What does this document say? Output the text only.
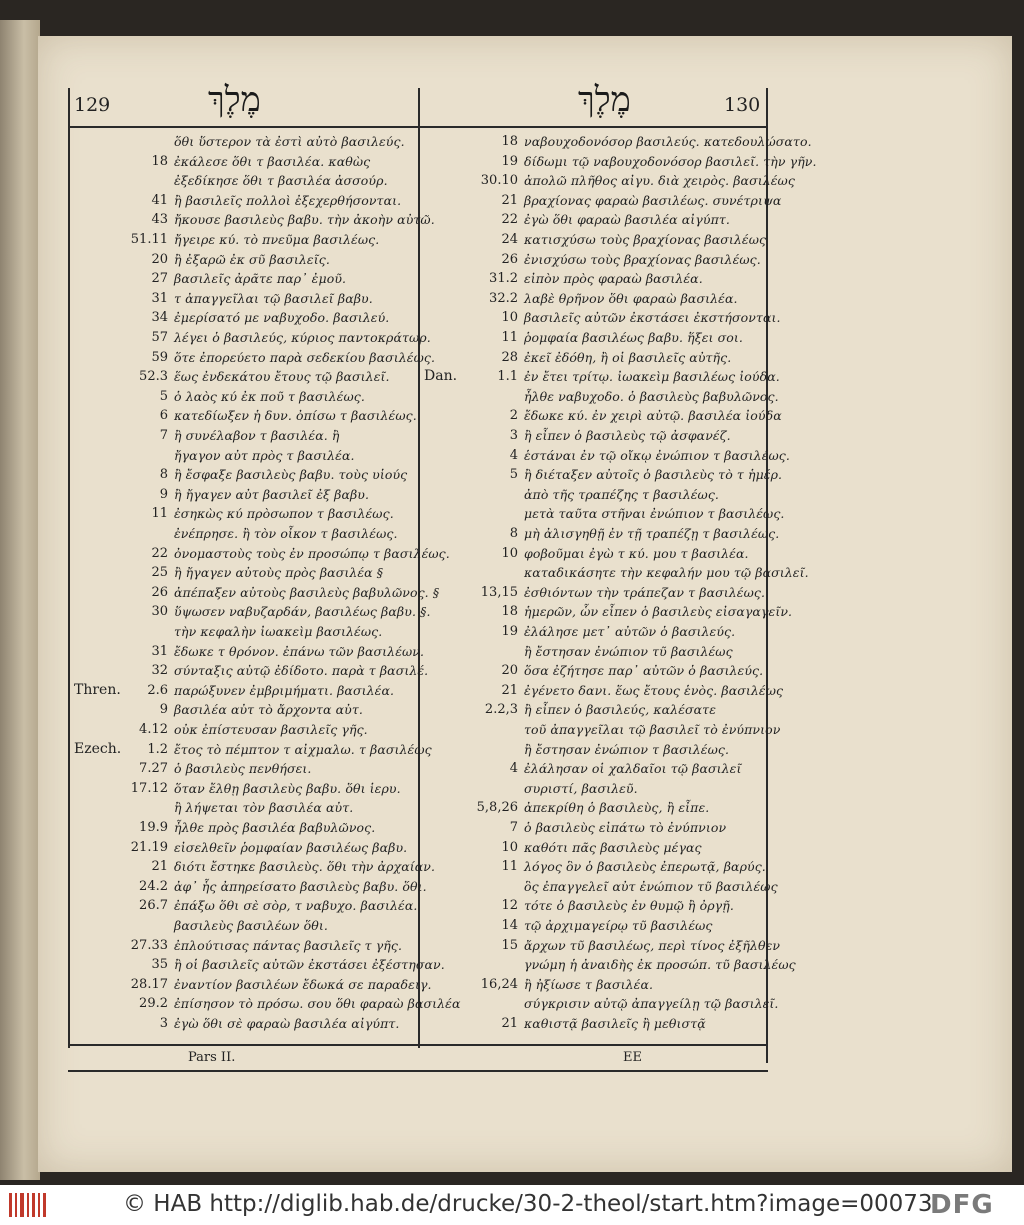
129	מֶלֶךְ	מֶלֶךְ	130
ὅθι ὕστερον τὰ ἐστὶ αὐτὸ βασιλεύς.
18 ἐκάλεσε ὅθι τ βασιλέα. καθὼς
ἐξεδίκησε ὅθι τ βασιλέα ἀσσούρ.
41 ἢ βασιλεῖς πολλοὶ ἐξεχερθήσονται.
43 ἤκουσε βασιλεὺς βαβυ. τὴν ἀκοὴν αὐτῶ.
51.11 ἤγειρε κύ. τὸ πνεῦμα βασιλέως.
20 ἢ ἐξαρῶ ἐκ σῦ βασιλεῖς.
27 βασιλεῖς ἀρᾶτε παρ᾿ ἐμοῦ.
31 τ ἀπαγγεῖλαι τῷ βασιλεῖ βαβυ.
34 ἐμερίσατό με ναβυχοδο. βασιλεύ.
57 λέγει ὁ βασιλεύς, κύριος παντοκράτωρ.
59 ὅτε ἐπορεύετο παρὰ σεδεκίου βασιλέως.
52.3 ἕως ἐνδεκάτου ἔτους τῷ βασιλεῖ.
5 ὁ λαὸς κύ ἐκ ποῦ τ βασιλέως.
6 κατεδίωξεν ἡ δυν. ὀπίσω τ βασιλέως.
7 ἢ συνέλαβον τ βασιλέα. ἢ
ἤγαγον αὐτ πρὸς τ βασιλέα.
8 ἢ ἔσφαξε βασιλεὺς βαβυ. τοὺς υἱούς
9 ἢ ἤγαγεν αὐτ βασιλεῖ ἐξ βαβυ.
11 ἐσηκὼς κύ πρὸσωπον τ βασιλέως.
ἐνέπρησε. ἢ τὸν οἶκον τ βασιλέως.
22 ὀνομαστοὺς τοὺς ἐν προσώπῳ τ βασιλέως.
25 ἢ ἤγαγεν αὐτοὺς πρὸς βασιλέα §
26 ἀπέπαξεν αὐτοὺς βασιλεὺς βαβυλῶνος. §
30 ὕψωσεν ναβυζαρδάν, βασιλέως βαβυ. §.
τὴν κεφαλὴν ἰωακεὶμ βασιλέως.
31 ἔδωκε τ θρόνον. ἐπάνω τῶν βασιλέων.
32 σύνταξις αὐτῷ ἐδίδοτο. παρὰ τ βασιλέ.
Thren.	2.6 παρώξυνεν ἐμβριμήματι. βασιλέα.
9 βασιλέα αὐτ τὸ ἄρχοντα αὐτ.
4.12 οὐκ ἐπίστευσαν βασιλεῖς γῆς.
Ezech.	1.2 ἔτος τὸ πέμπτον τ αἰχμαλω. τ βασιλέως
7.27 ὁ βασιλεὺς πενθήσει.
17.12 ὅταν ἔλθῃ βασιλεὺς βαβυ. ὅθι ἱερυ.
ἢ λήψεται τὸν βασιλέα αὐτ.
19.9 ἦλθε πρὸς βασιλέα βαβυλῶνος.
21.19 εἰσελθεῖν ῥομφαίαν βασιλέως βαβυ.
21 διότι ἔστηκε βασιλεὺς. ὅθι τὴν ἀρχαίαν.
24.2 ἀφ᾿ ἧς ἀπηρείσατο βασιλεὺς βαβυ. ὅθι.
26.7 ἐπάξω ὅθι σὲ σὸρ, τ ναβυχο. βασιλέα.
βασιλεὺς βασιλέων ὅθι.
27.33 ἐπλούτισας πάντας βασιλεῖς τ γῆς.
35 ἢ οἱ βασιλεῖς αὐτῶν ἐκστάσει ἐξέστησαν.
28.17 ἐναντίον βασιλέων ἔδωκά σε παραδειγ.
29.2 ἐπίσησον τὸ πρόσω. σου ὅθι φαραὼ βασιλέα
3 ἐγὼ ὅθι σὲ φαραὼ βασιλέα αἰγύπτ.
18 ναβουχοδονόσορ βασιλεύς. κατεδουλώσατο.
19 δίδωμι τῷ ναβουχοδονόσορ βασιλεῖ. τὴν γῆν.
30.10 ἀπολῶ πλῆθος αἰγυ. διὰ χειρὸς. βασιλέως
21 βραχίονας φαραὼ βασιλέως. συνέτριψα
22 ἐγὼ ὅθι φαραὼ βασιλέα αἰγύπτ.
24 κατισχύσω τοὺς βραχίονας βασιλέως
26 ἐνισχύσω τοὺς βραχίονας βασιλέως.
31.2 εἰπὸν πρὸς φαραὼ βασιλέα.
32.2 λαβὲ θρῆνον ὅθι φαραὼ βασιλέα.
10 βασιλεῖς αὐτῶν ἐκστάσει ἐκστήσονται.
11 ῥομφαία βασιλέως βαβυ. ἥξει σοι.
28 ἐκεῖ ἐδόθη, ἢ οἱ βασιλεῖς αὐτῆς.
Dan.	1.1 ἐν ἔτει τρίτῳ. ἰωακεὶμ βασιλέως ἰούδα.
ἦλθε ναβυχοδο. ὁ βασιλεὺς βαβυλῶνος.
2 ἔδωκε κύ. ἐν χειρὶ αὐτῷ. βασιλέα ἰούδα
3 ἢ εἶπεν ὁ βασιλεὺς τῷ ἀσφανέζ.
4 ἑστάναι ἐν τῷ οἴκῳ ἐνώπιον τ βασιλέως.
5 ἢ διέταξεν αὐτοῖς ὁ βασιλεὺς τὸ τ ἡμέρ.
ἀπὸ τῆς τραπέζης τ βασιλέως.
μετὰ ταῦτα στῆναι ἐνώπιον τ βασιλέως.
8 μὴ ἀλισγηθῇ ἐν τῇ τραπέζῃ τ βασιλέως.
10 φοβοῦμαι ἐγὼ τ κύ. μου τ βασιλέα.
καταδικάσητε τὴν κεφαλήν μου τῷ βασιλεῖ.
13,15 ἐσθιόντων τὴν τράπεζαν τ βασιλέως.
18 ἡμερῶν, ὧν εἶπεν ὁ βασιλεὺς εἰσαγαγεῖν.
19 ἐλάλησε μετ᾿ αὐτῶν ὁ βασιλεύς.
ἢ ἔστησαν ἐνώπιον τῦ βασιλέως
20 ὅσα ἐζήτησε παρ᾿ αὐτῶν ὁ βασιλεύς.
21 ἐγένετο δανι. ἕως ἔτους ἑνὸς. βασιλέως
2.2,3 ἢ εἶπεν ὁ βασιλεύς, καλέσατε
τοῦ ἀπαγγεῖλαι τῷ βασιλεῖ τὸ ἐνύπνιον
ἢ ἔστησαν ἐνώπιον τ βασιλέως.
4 ἐλάλησαν οἱ χαλδαῖοι τῷ βασιλεῖ
συριστί, βασιλεῦ.
5,8,26 ἀπεκρίθη ὁ βασιλεὺς, ἢ εἶπε.
7 ὁ βασιλεὺς εἰπάτω τὸ ἐνύπνιον
10 καθότι πᾶς βασιλεὺς μέγας
11 λόγος ὃν ὁ βασιλεὺς ἐπερωτᾷ, βαρύς.
ὃς ἐπαγγελεῖ αὐτ ἐνώπιον τῦ βασιλέως
12 τότε ὁ βασιλεὺς ἐν θυμῷ ἢ ὀργῇ.
14 τῷ ἀρχιμαγείρῳ τῦ βασιλέως
15 ἄρχων τῦ βασιλέως, περὶ τίνος ἐξῆλθεν
γνώμη ἡ ἀναιδὴς ἐκ προσώπ. τῦ βασιλέως
16,24 ἢ ἠξίωσε τ βασιλέα.
σύγκρισιν αὐτῷ ἀπαγγείλῃ τῷ βασιλεῖ.
21 καθιστᾷ βασιλεῖς ἢ μεθιστᾷ
Pars II.	EE
© HAB http://diglib.hab.de/drucke/30-2-theol/start.htm?image=00073
DFG
